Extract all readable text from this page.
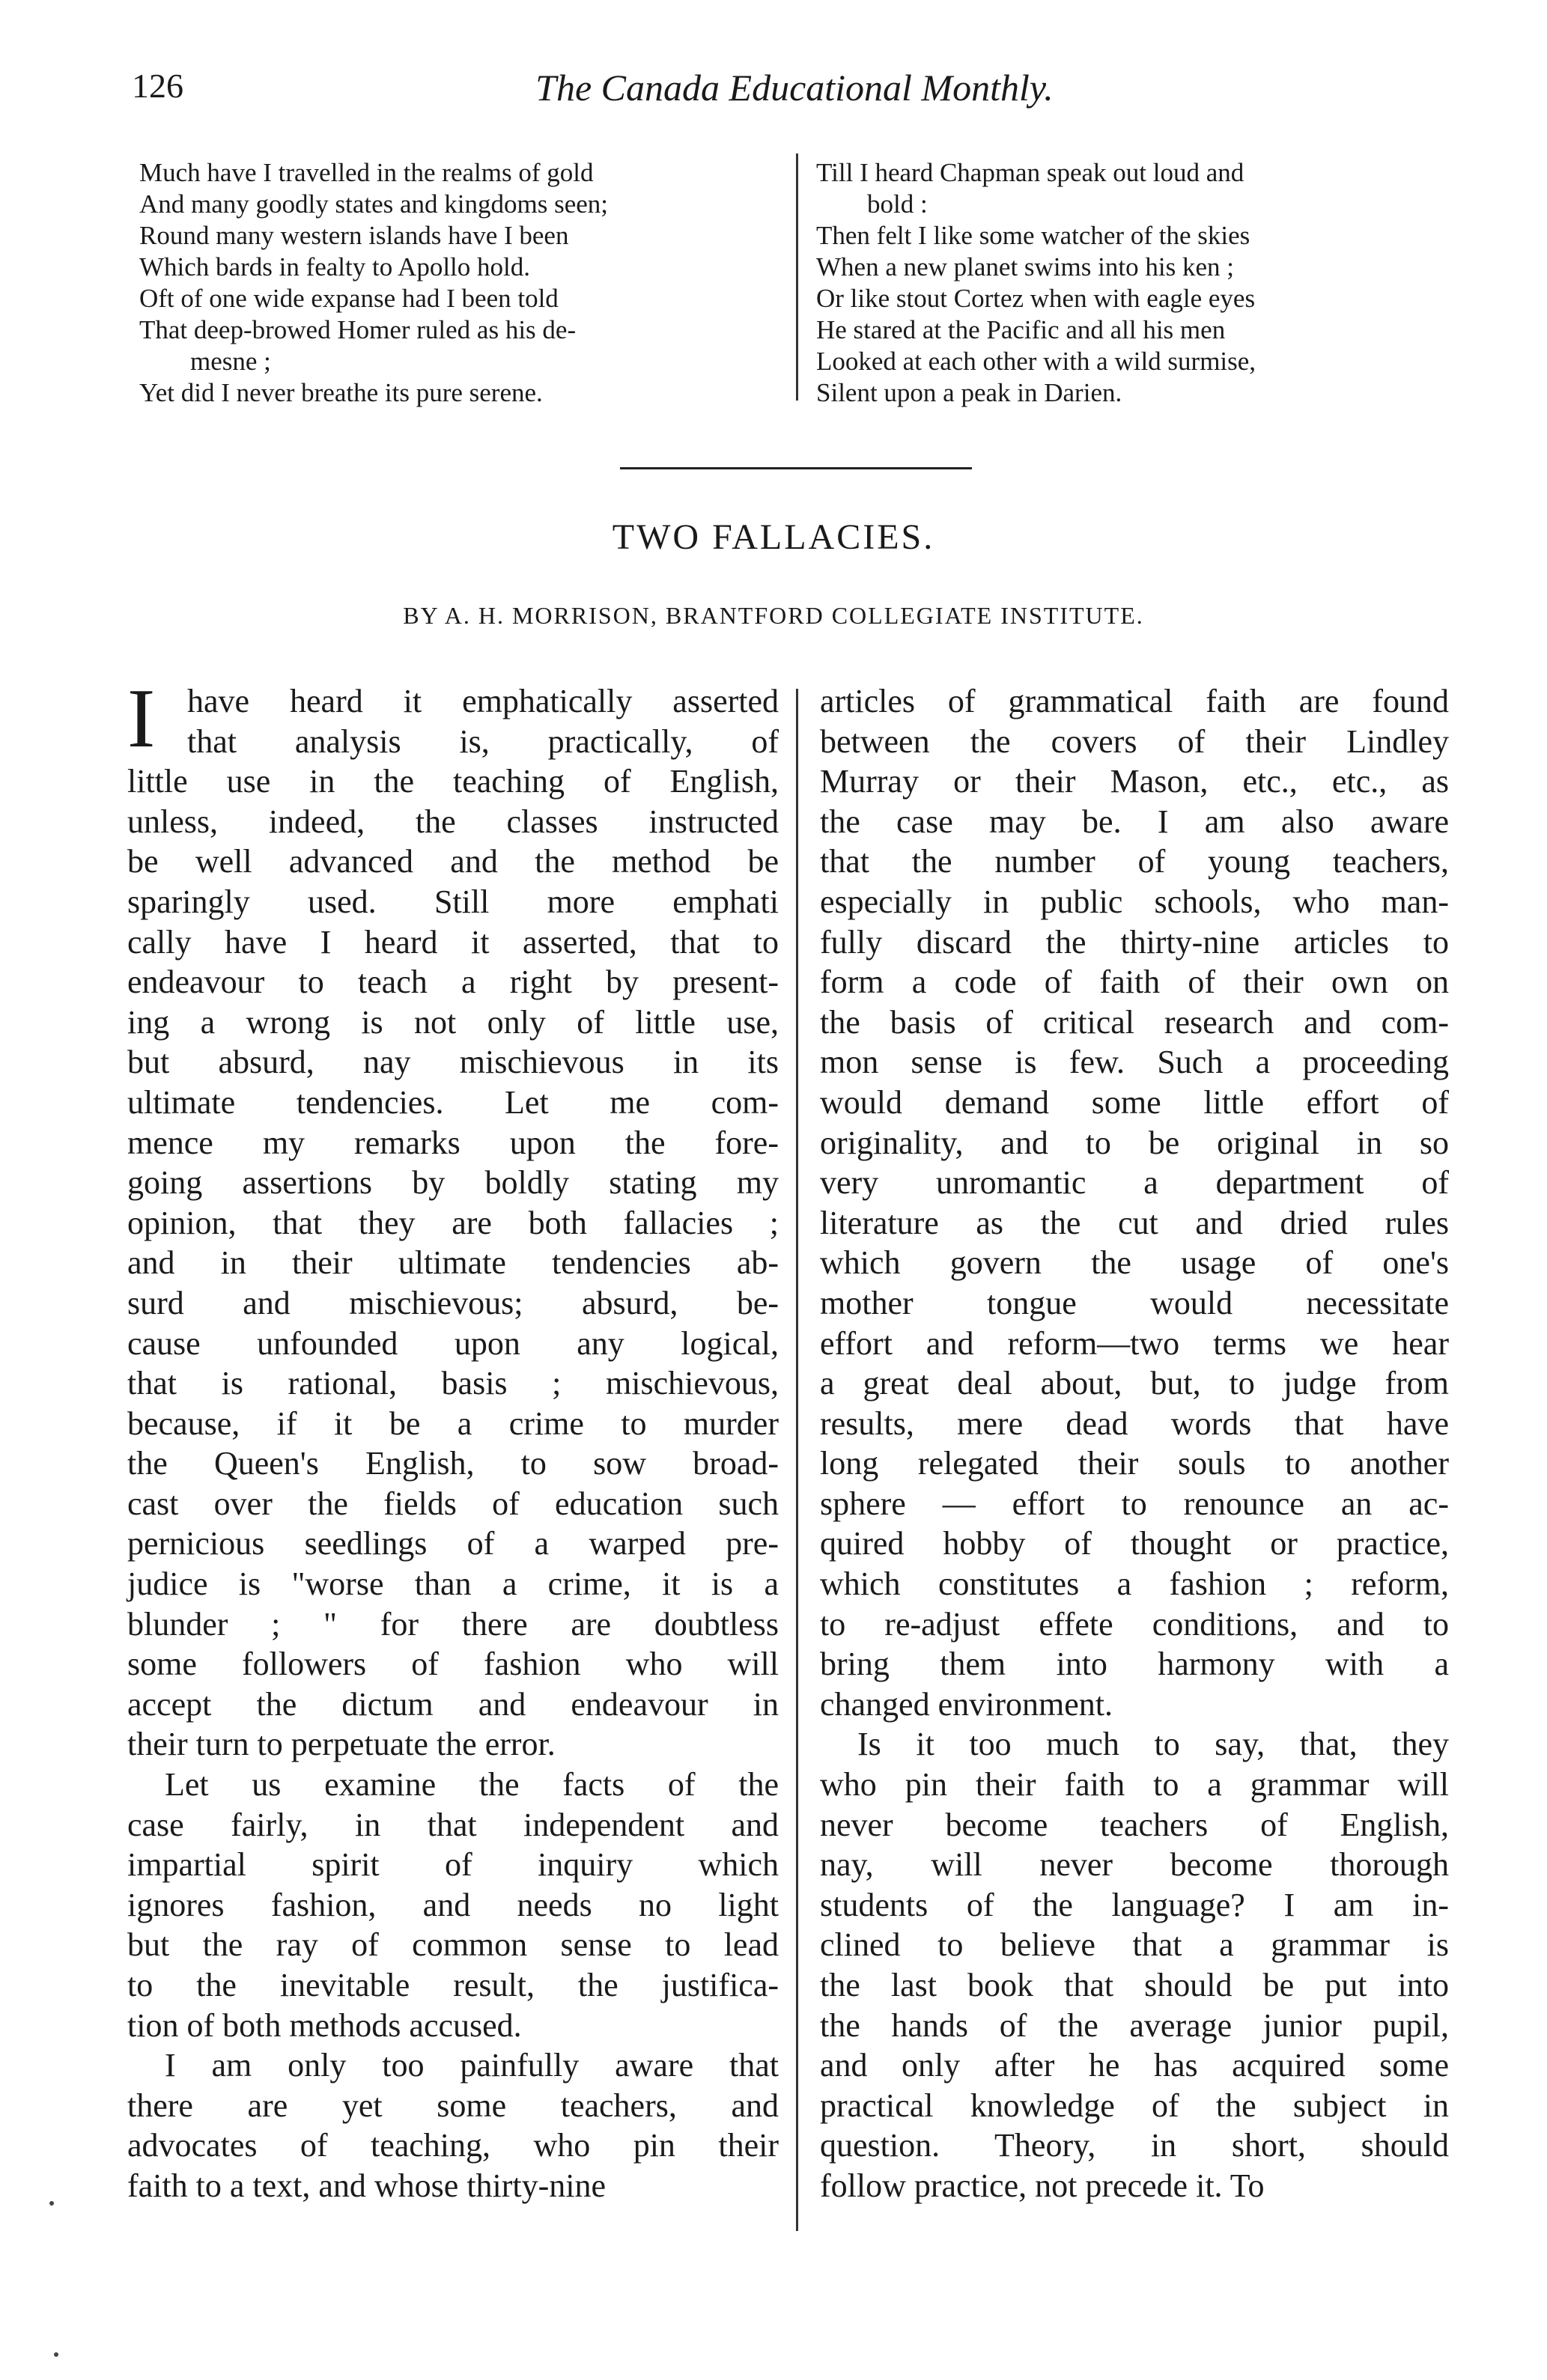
126	The Canada Educational Monthly.
Much have I travelled in the realms of gold
And many goodly states and kingdoms seen;
Round many western islands have I been
Which bards in fealty to Apollo hold.
Oft of one wide expanse had I been told
That deep-browed Homer ruled as his de-
mesne ;
Yet did I never breathe its pure serene.
Till I heard Chapman speak out loud and
bold :
Then felt I like some watcher of the skies
When a new planet swims into his ken ;
Or like stout Cortez when with eagle eyes
He stared at the Pacific and all his men
Looked at each other with a wild surmise,
Silent upon a peak in Darien.
TWO FALLACIES.
BY A. H. MORRISON, BRANTFORD COLLEGIATE INSTITUTE.
have heard it emphatically asserted
that analysis is, practically, of
little use in the teaching of English,
unless, indeed, the classes instructed
be well advanced and the method be
sparingly used. Still more emphati
cally have I heard it asserted, that to
endeavour to teach a right by present-
ing a wrong is not only of little use,
but absurd, nay mischievous in its
ultimate tendencies. Let me com-
mence my remarks upon the fore-
going assertions by boldly stating my
opinion, that they are both fallacies ;
and in their ultimate tendencies ab-
surd and mischievous; absurd, be-
cause unfounded upon any logical,
that is rational, basis ; mischievous,
because, if it be a crime to murder
the Queen's English, to sow broad-
cast over the fields of education such
pernicious seedlings of a warped pre-
judice is "worse than a crime, it is a
blunder ; " for there are doubtless
some followers of fashion who will
accept the dictum and endeavour in
their turn to perpetuate the error.
Let us examine the facts of the
case fairly, in that independent and
impartial spirit of inquiry which
ignores fashion, and needs no light
but the ray of common sense to lead
to the inevitable result, the justifica-
tion of both methods accused.
I am only too painfully aware that
there are yet some teachers, and
advocates of teaching, who pin their
faith to a text, and whose thirty-nine
I	articles of grammatical faith are found
between the covers of their Lindley
Murray or their Mason, etc., etc., as
the case may be. I am also aware
that the number of young teachers,
especially in public schools, who man-
fully discard the thirty-nine articles to
form a code of faith of their own on
the basis of critical research and com-
mon sense is few. Such a proceeding
would demand some little effort of
originality, and to be original in so
very unromantic a department of
literature as the cut and dried rules
which govern the usage of one's
mother tongue would necessitate
effort and reform—two terms we hear
a great deal about, but, to judge from
results, mere dead words that have
long relegated their souls to another
sphere — effort to renounce an ac-
quired hobby of thought or practice,
which constitutes a fashion ; reform,
to re-adjust effete conditions, and to
bring them into harmony with a
changed environment.
Is it too much to say, that, they
who pin their faith to a grammar will
never become teachers of English,
nay, will never become thorough
students of the language? I am in-
clined to believe that a grammar is
the last book that should be put into
the hands of the average junior pupil,
and only after he has acquired some
practical knowledge of the subject in
question. Theory, in short, should
follow practice, not precede it. To
